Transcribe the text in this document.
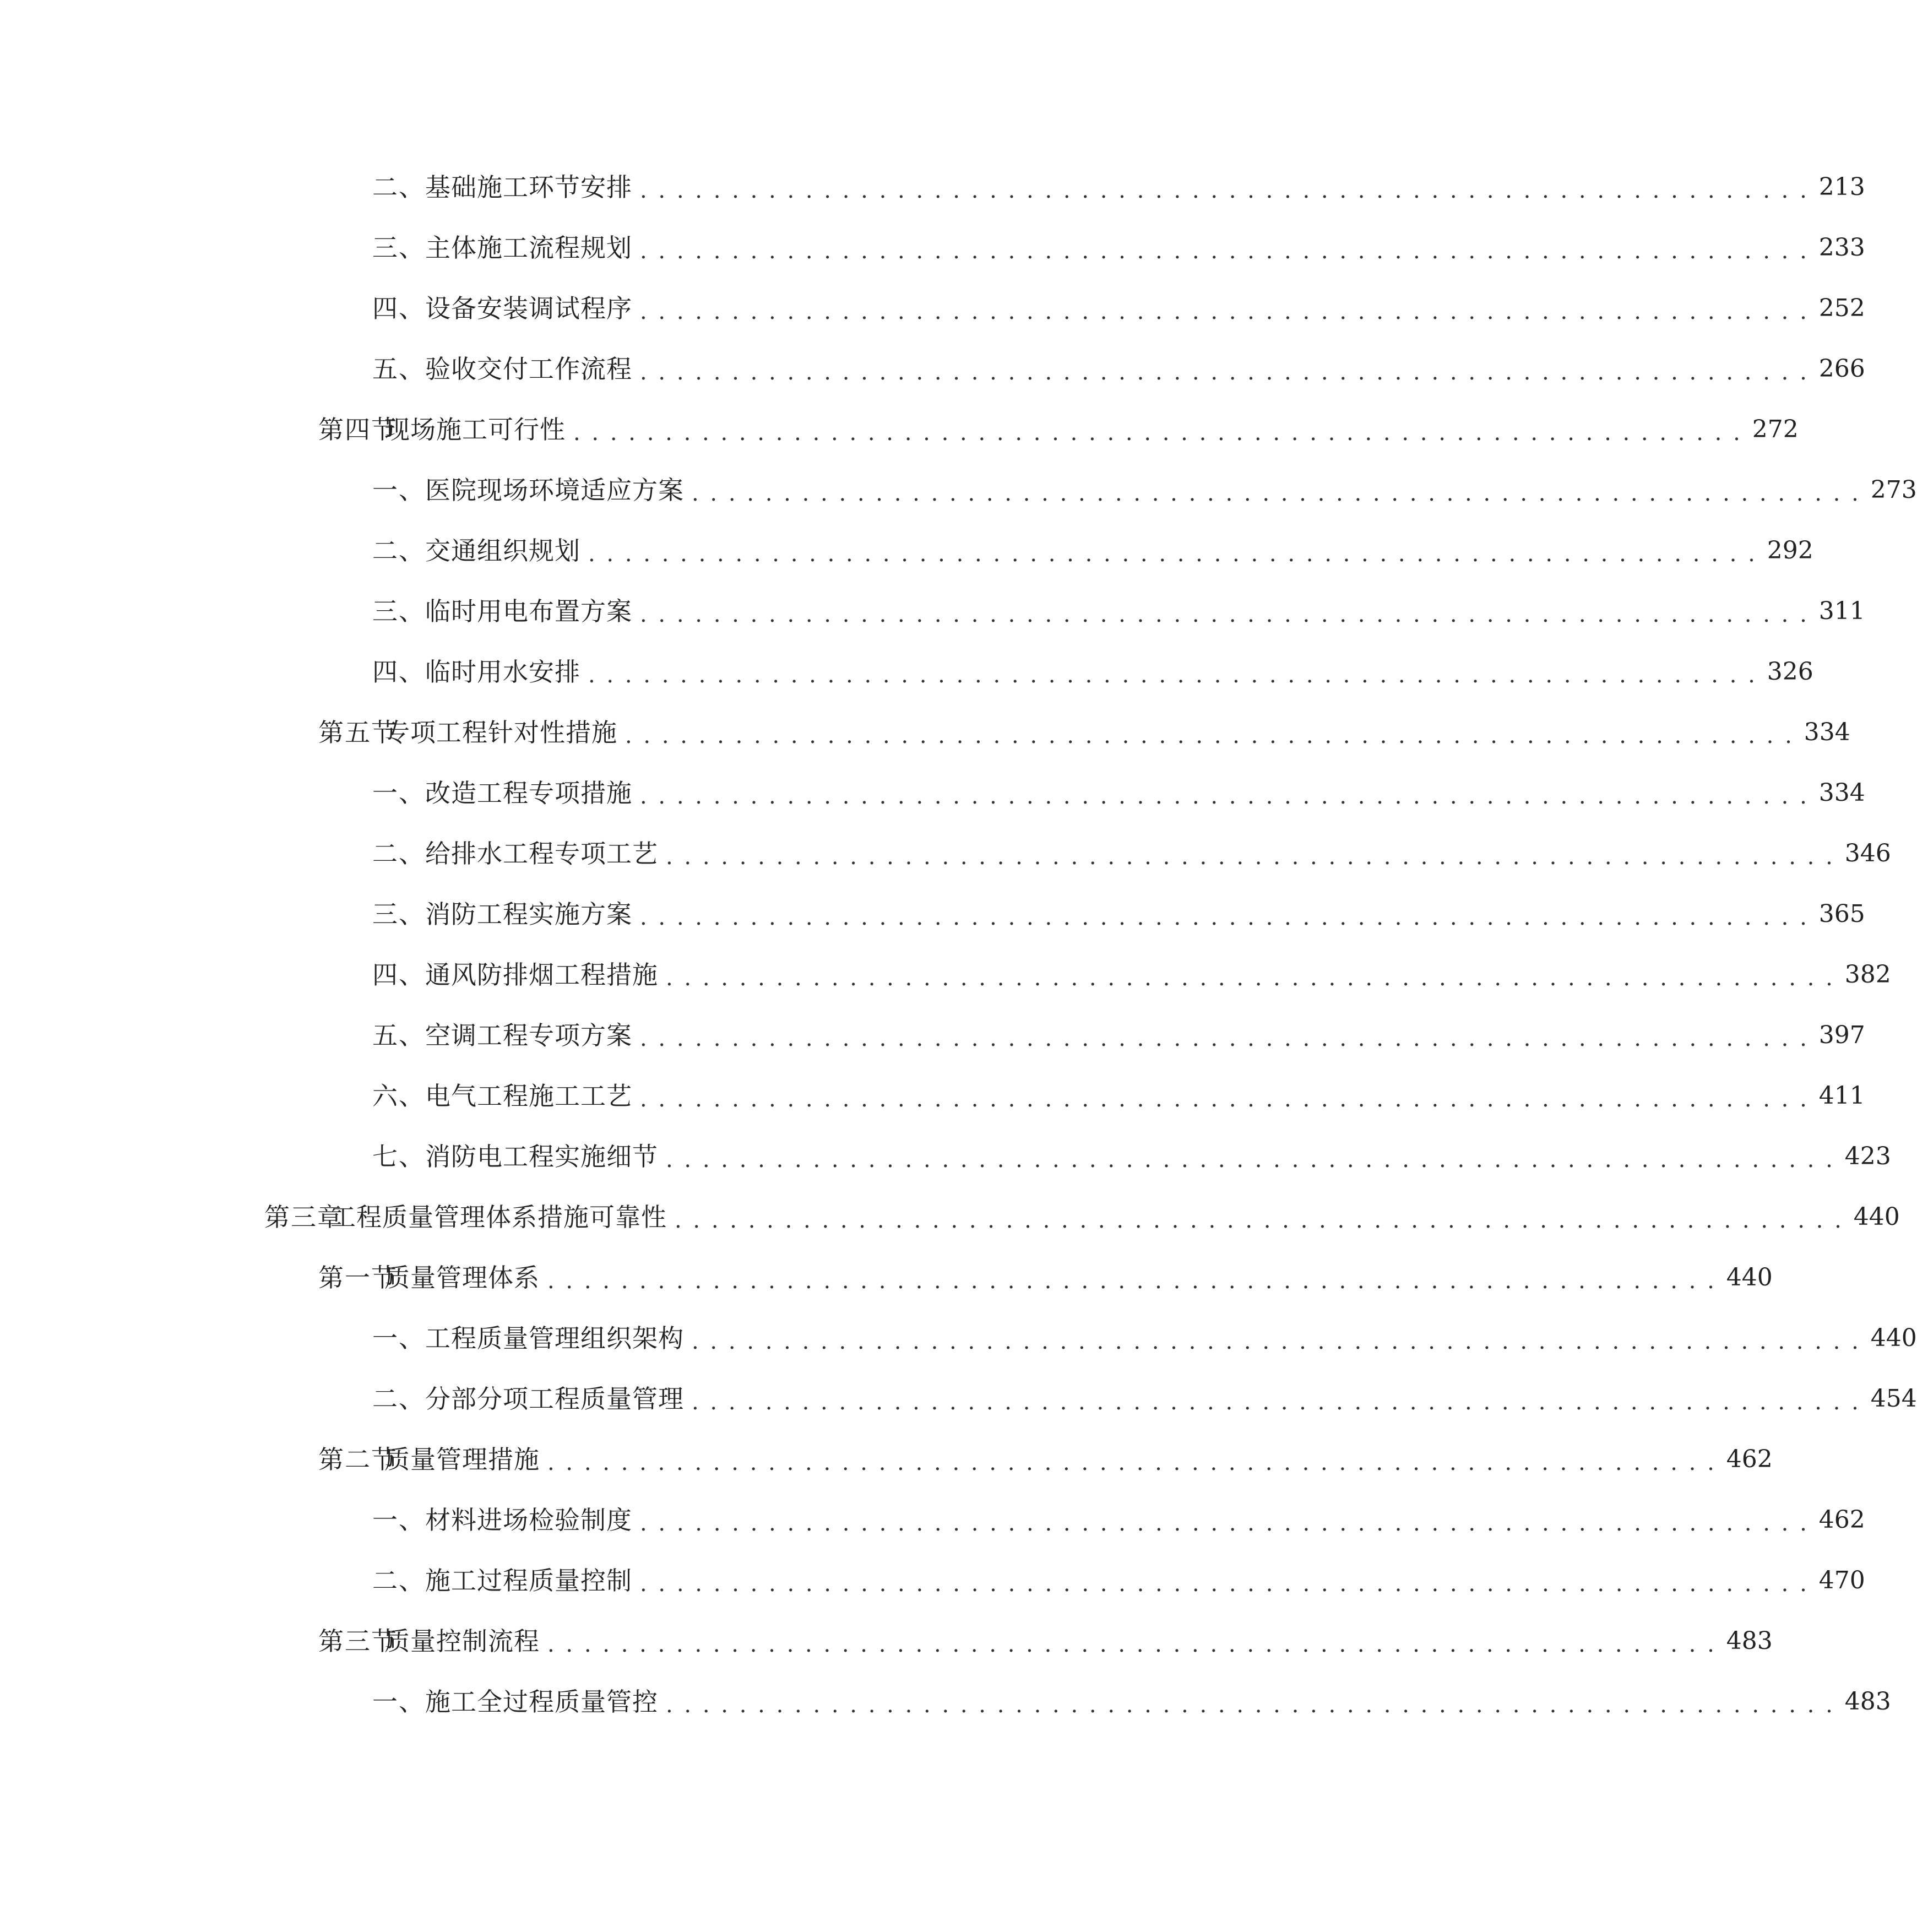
二、 基础施工环节安排 . . . . . . . . . . . . . . . . . . . . . . . . . . . . . . . . . . . . . . . . . . . . . . . . . . . . . . . . . . . . . . . . 213
三、 主体施工流程规划 . . . . . . . . . . . . . . . . . . . . . . . . . . . . . . . . . . . . . . . . . . . . . . . . . . . . . . . . . . . . . . . . 233
四、 设备安装调试程序 . . . . . . . . . . . . . . . . . . . . . . . . . . . . . . . . . . . . . . . . . . . . . . . . . . . . . . . . . . . . . . . . 252
五、 验收交付工作流程 . . . . . . . . . . . . . . . . . . . . . . . . . . . . . . . . . . . . . . . . . . . . . . . . . . . . . . . . . . . . . . . . 266
第四节
现场施工可行性 . . . . . . . . . . . . . . . . . . . . . . . . . . . . . . . . . . . . . . . . . . . . . . . . . . . . . . . . . . . . . . . . 272
一、 医院现场环境适应方案 . . . . . . . . . . . . . . . . . . . . . . . . . . . . . . . . . . . . . . . . . . . . . . . . . . . . . . . . . . . . . . . . 273
二、 交通组织规划 . . . . . . . . . . . . . . . . . . . . . . . . . . . . . . . . . . . . . . . . . . . . . . . . . . . . . . . . . . . . . . . . 292
三、 临时用电布置方案 . . . . . . . . . . . . . . . . . . . . . . . . . . . . . . . . . . . . . . . . . . . . . . . . . . . . . . . . . . . . . . . . 311
四、 临时用水安排 . . . . . . . . . . . . . . . . . . . . . . . . . . . . . . . . . . . . . . . . . . . . . . . . . . . . . . . . . . . . . . . . 326
第五节
专项工程针对性措施 . . . . . . . . . . . . . . . . . . . . . . . . . . . . . . . . . . . . . . . . . . . . . . . . . . . . . . . . . . . . . . . . 334
一、 改造工程专项措施 . . . . . . . . . . . . . . . . . . . . . . . . . . . . . . . . . . . . . . . . . . . . . . . . . . . . . . . . . . . . . . . . 334
二、 给排水工程专项工艺 . . . . . . . . . . . . . . . . . . . . . . . . . . . . . . . . . . . . . . . . . . . . . . . . . . . . . . . . . . . . . . . . 346
三、 消防工程实施方案 . . . . . . . . . . . . . . . . . . . . . . . . . . . . . . . . . . . . . . . . . . . . . . . . . . . . . . . . . . . . . . . . 365
四、 通风防排烟工程措施 . . . . . . . . . . . . . . . . . . . . . . . . . . . . . . . . . . . . . . . . . . . . . . . . . . . . . . . . . . . . . . . . 382
五、 空调工程专项方案 . . . . . . . . . . . . . . . . . . . . . . . . . . . . . . . . . . . . . . . . . . . . . . . . . . . . . . . . . . . . . . . . 397
六、 电气工程施工工艺 . . . . . . . . . . . . . . . . . . . . . . . . . . . . . . . . . . . . . . . . . . . . . . . . . . . . . . . . . . . . . . . . 411
七、 消防电工程实施细节 . . . . . . . . . . . . . . . . . . . . . . . . . . . . . . . . . . . . . . . . . . . . . . . . . . . . . . . . . . . . . . . . 423
第三章
工程质量管理体系措施可靠性 . . . . . . . . . . . . . . . . . . . . . . . . . . . . . . . . . . . . . . . . . . . . . . . . . . . . . . . . . . . . . . . . 440
第一节
质量管理体系 . . . . . . . . . . . . . . . . . . . . . . . . . . . . . . . . . . . . . . . . . . . . . . . . . . . . . . . . . . . . . . . . 440
一、 工程质量管理组织架构 . . . . . . . . . . . . . . . . . . . . . . . . . . . . . . . . . . . . . . . . . . . . . . . . . . . . . . . . . . . . . . . . 440
二、 分部分项工程质量管理 . . . . . . . . . . . . . . . . . . . . . . . . . . . . . . . . . . . . . . . . . . . . . . . . . . . . . . . . . . . . . . . . 454
第二节
质量管理措施 . . . . . . . . . . . . . . . . . . . . . . . . . . . . . . . . . . . . . . . . . . . . . . . . . . . . . . . . . . . . . . . . 462
一、 材料进场检验制度 . . . . . . . . . . . . . . . . . . . . . . . . . . . . . . . . . . . . . . . . . . . . . . . . . . . . . . . . . . . . . . . . 462
二、 施工过程质量控制 . . . . . . . . . . . . . . . . . . . . . . . . . . . . . . . . . . . . . . . . . . . . . . . . . . . . . . . . . . . . . . . . 470
第三节
质量控制流程 . . . . . . . . . . . . . . . . . . . . . . . . . . . . . . . . . . . . . . . . . . . . . . . . . . . . . . . . . . . . . . . . 483
一、 施工全过程质量管控 . . . . . . . . . . . . . . . . . . . . . . . . . . . . . . . . . . . . . . . . . . . . . . . . . . . . . . . . . . . . . . . . 483
